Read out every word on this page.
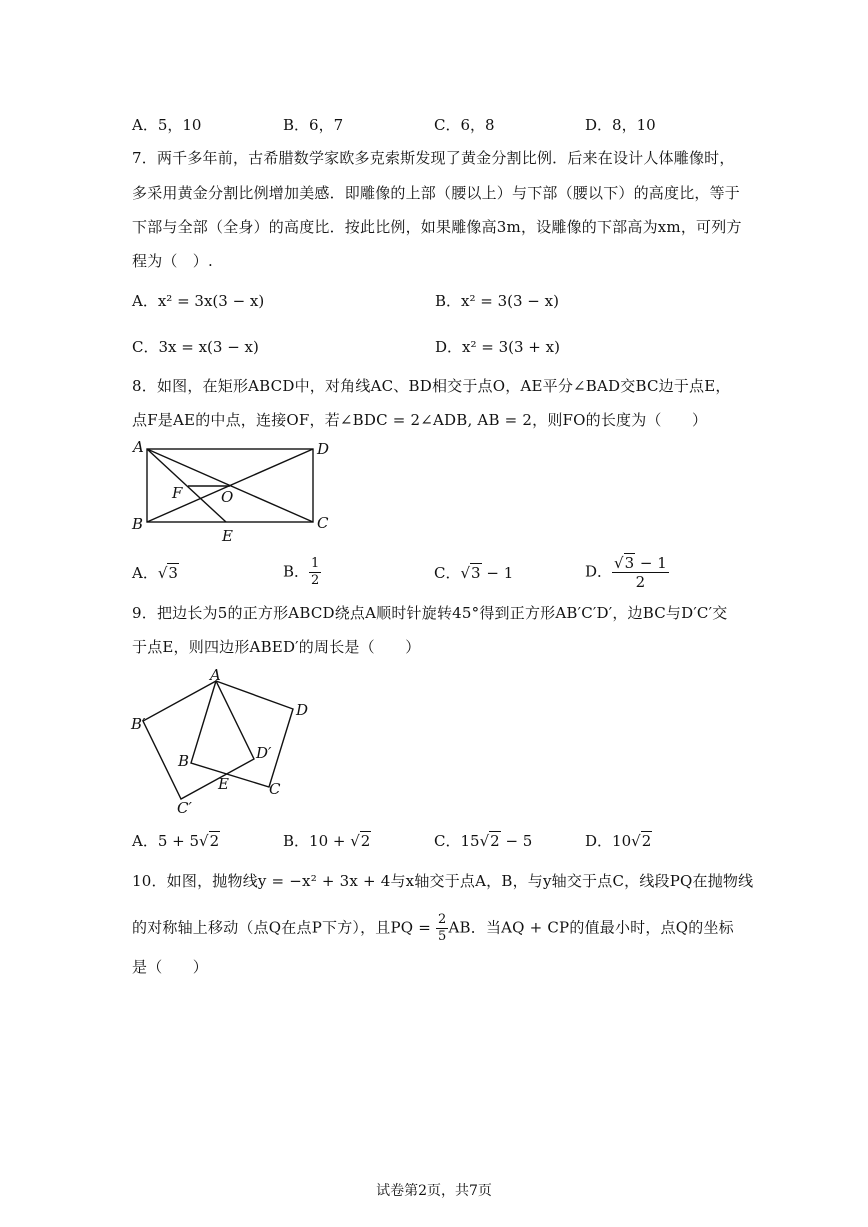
A．5，10	B．6，7	C．6，8	D．8，10
7．两千多年前，古希腊数学家欧多克索斯发现了黄金分割比例．后来在设计人体雕像时，
多采用黄金分割比例增加美感．即雕像的上部（腰以上）与下部（腰以下）的高度比，等于
下部与全部（全身）的高度比．按此比例，如果雕像高3m，设雕像的下部高为xm，可列方
程为（　）.
A．x² = 3x(3 − x)	B．x² = 3(3 − x)
C．3x = x(3 − x)	D．x² = 3(3 + x)
8．如图，在矩形ABCD中，对角线AC、BD相交于点O，AE平分∠BAD交BC边于点E，
点F是AE的中点，连接OF，若∠BDC = 2∠ADB, AB = 2，则FO的长度为（　　）
A	D
B	C
E
F	O
A．√3	B． $\frac{1}{2}$	C．√3 − 1	D． $\frac{√3 - 1}{2}$
9．把边长为5的正方形ABCD绕点A顺时针旋转45°得到正方形AB′C′D′，边BC与D′C′交
于点E，则四边形ABED′的周长是（　　）
A
D
B′
B	D′
E	C
C′
A．5 + 5√2	B．10 + √2	C．15√2 − 5	D．10√2
10．如图，抛物线y = −x² + 3x + 4与x轴交于点A，B，与y轴交于点C，线段PQ在抛物线
的对称轴上移动（点Q在点P下方），且PQ = $\frac{2}{5}$ AB．当AQ + CP的值最小时，点Q的坐标
是（　　）
试卷第2页，共7页
